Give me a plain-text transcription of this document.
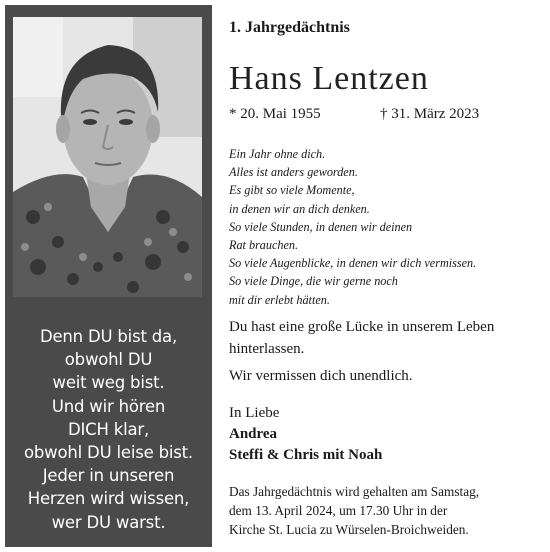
Denn DU bist da,
obwohl DU
weit weg bist.
Und wir hören
DICH klar,
obwohl DU leise bist.
Jeder in unseren
Herzen wird wissen,
wer DU warst.
1. Jahrgedächtnis
Hans Lentzen
* 20. Mai 1955	† 31. März 2023
Ein Jahr ohne dich.
Alles ist anders geworden.
Es gibt so viele Momente,
in denen wir an dich denken.
So viele Stunden, in denen wir deinen
Rat brauchen.
So viele Augenblicke, in denen wir dich vermissen.
So viele Dinge, die wir gerne noch
mit dir erlebt hätten.
Du hast eine große Lücke in unserem Leben hinterlassen.
Wir vermissen dich unendlich.
In Liebe
Andrea
Steffi & Chris mit Noah
Das Jahrgedächtnis wird gehalten am Samstag,
dem 13. April 2024, um 17.30 Uhr in der
Kirche St. Lucia zu Würselen-Broichweiden.
